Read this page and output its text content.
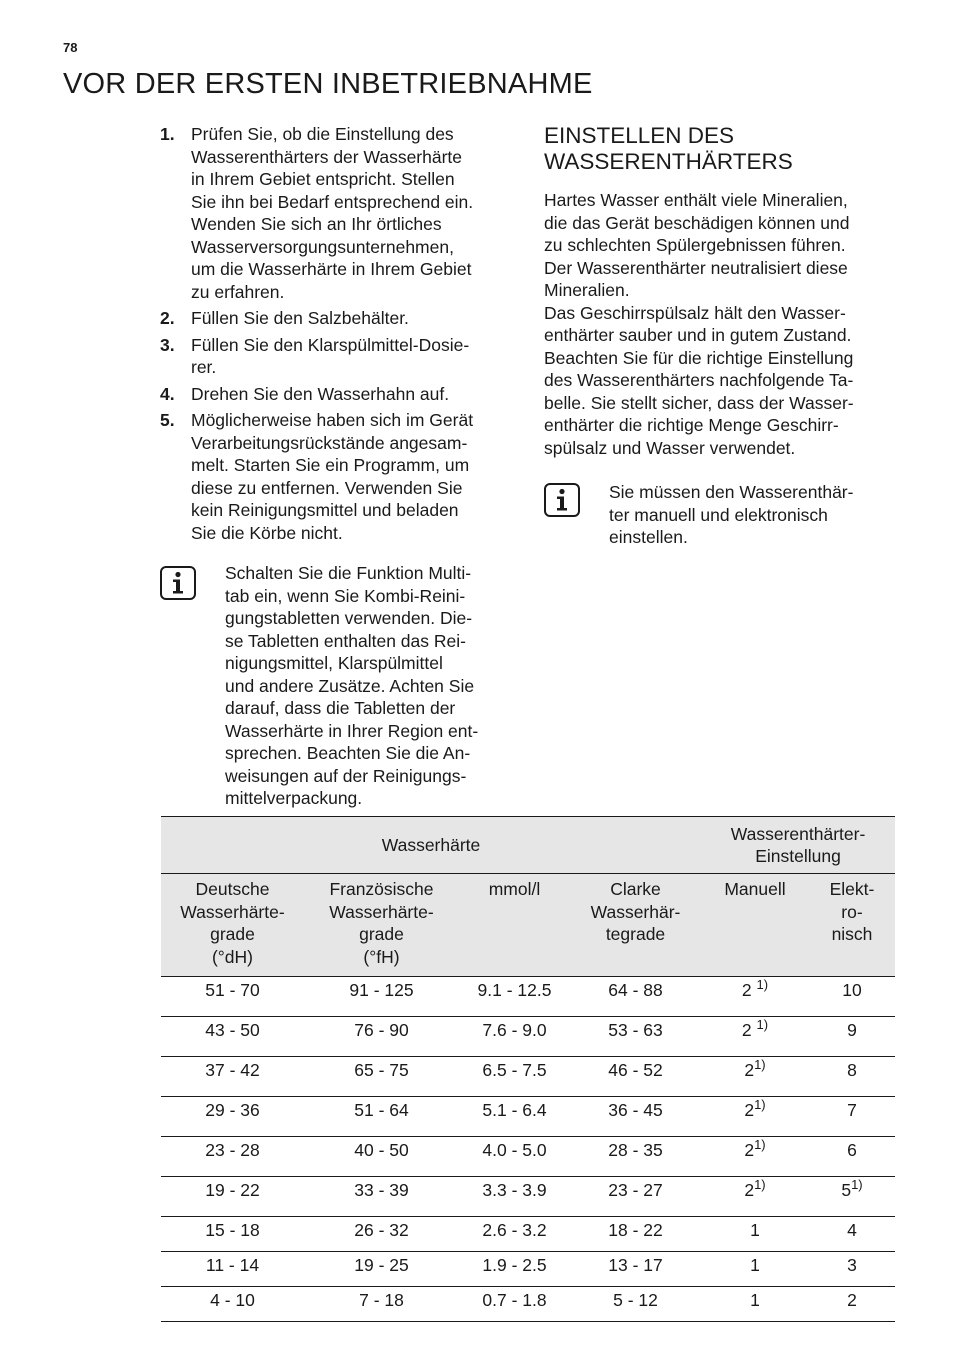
78
VOR DER ERSTEN INBETRIEBNAHME
1. Prüfen Sie, ob die Einstellung des
Wasserenthärters der Wasserhärte
in Ihrem Gebiet entspricht. Stellen
Sie ihn bei Bedarf entsprechend ein.
Wenden Sie sich an Ihr örtliches
Wasserversorgungsunternehmen,
um die Wasserhärte in Ihrem Gebiet
zu erfahren.
2. Füllen Sie den Salzbehälter.
3. Füllen Sie den Klarspülmittel-Dosie-
rer.
4. Drehen Sie den Wasserhahn auf.
5. Möglicherweise haben sich im Gerät
Verarbeitungsrückstände angesam-
melt. Starten Sie ein Programm, um
diese zu entfernen. Verwenden Sie
kein Reinigungsmittel und beladen
Sie die Körbe nicht.
Schalten Sie die Funktion Multi-
tab ein, wenn Sie Kombi-Reini-
gungstabletten verwenden. Die-
se Tabletten enthalten das Rei-
nigungsmittel, Klarspülmittel
und andere Zusätze. Achten Sie
darauf, dass die Tabletten der
Wasserhärte in Ihrer Region ent-
sprechen. Beachten Sie die An-
weisungen auf der Reinigungs-
mittelverpackung.
EINSTELLEN DES
WASSERENTHÄRTERS

Hartes Wasser enthält viele Mineralien,
die das Gerät beschädigen können und
zu schlechten Spülergebnissen führen.
Der Wasserenthärter neutralisiert diese
Mineralien.

Das Geschirrspülsalz hält den Wasser-
enthärter sauber und in gutem Zustand.
Beachten Sie für die richtige Einstellung
des Wasserenthärters nachfolgende Ta-
belle. Sie stellt sicher, dass der Wasser-
enthärter die richtige Menge Geschirr-
spülsalz und Wasser verwendet.

Sie müssen den Wasserenthär-
ter manuell und elektronisch
einstellen.
Wasserhärte				Wasserenthärter-
Einstellung	
Deutsche
Wasserhärte-
grade
(°dH)	Französische
Wasserhärte-
grade
(°fH)	mmol/l	Clarke
Wasserhär-
tegrade	Manuell	Elekt-
ro-
nisch
51 - 70	91 - 125	9.1 - 12.5	64 - 88	2 $^{1)}$	10
43 - 50	76 - 90	7.6 - 9.0	53 - 63	2 $^{1)}$	9
37 - 42	65 - 75	6.5 - 7.5	46 - 52	2$^{1)}$	8
29 - 36	51 - 64	5.1 - 6.4	36 - 45	2$^{1)}$	7
23 - 28	40 - 50	4.0 - 5.0	28 - 35	2$^{1)}$	6
19 - 22	33 - 39	3.3 - 3.9	23 - 27	2$^{1)}$	5$^{1)}$
15 - 18	26 - 32	2.6 - 3.2	18 - 22	1	4
11 - 14	19 - 25	1.9 - 2.5	13 - 17	1	3
4 - 10	7 - 18	0.7 - 1.8	5 - 12	1	2
